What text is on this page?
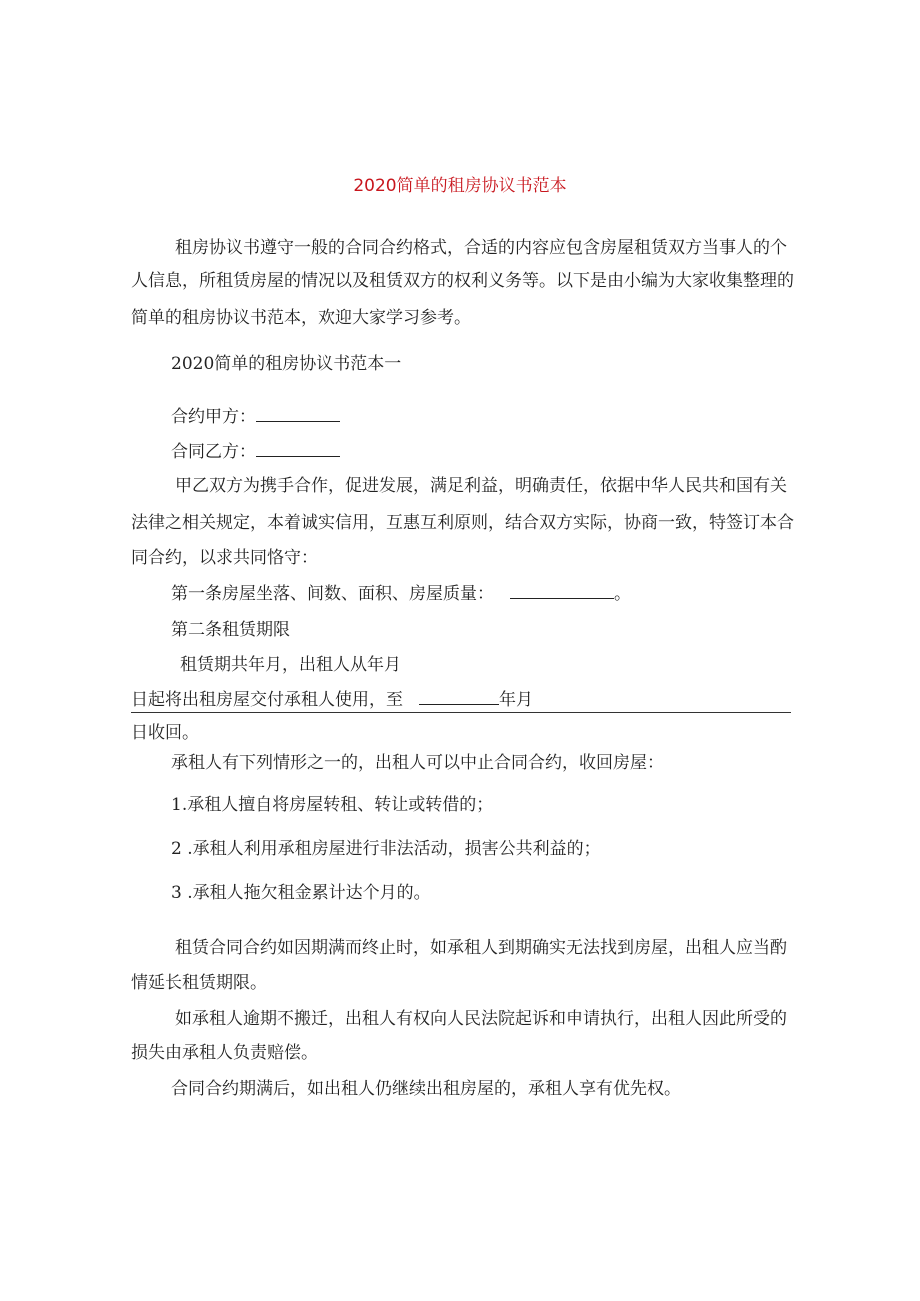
2020简单的租房协议书范本
租房协议书遵守一般的合同合约格式，合适的内容应包含房屋租赁双方当事人的个
人信息，所租赁房屋的情况以及租赁双方的权利义务等。以下是由小编为大家收集整理的
简单的租房协议书范本，欢迎大家学习参考。
2020简单的租房协议书范本一
合约甲方：
合同乙方：
甲乙双方为携手合作，促进发展，满足利益，明确责任，依据中华人民共和国有关
法律之相关规定，本着诚实信用，互惠互利原则，结合双方实际，协商一致，特签订本合
同合约，以求共同恪守：
第一条房屋坐落、间数、面积、房屋质量：	。
第二条租赁期限
租赁期共年月，出租人从年月
日起将出租房屋交付承租人使用，至	年月
日收回。
承租人有下列情形之一的，出租人可以中止合同合约，收回房屋：
1.承租人擅自将房屋转租、转让或转借的；
2 .承租人利用承租房屋进行非法活动，损害公共利益的；
3 .承租人拖欠租金累计达个月的。
租赁合同合约如因期满而终止时，如承租人到期确实无法找到房屋，出租人应当酌
情延长租赁期限。
如承租人逾期不搬迁，出租人有权向人民法院起诉和申请执行，出租人因此所受的
损失由承租人负责赔偿。
合同合约期满后，如出租人仍继续出租房屋的，承租人享有优先权。
